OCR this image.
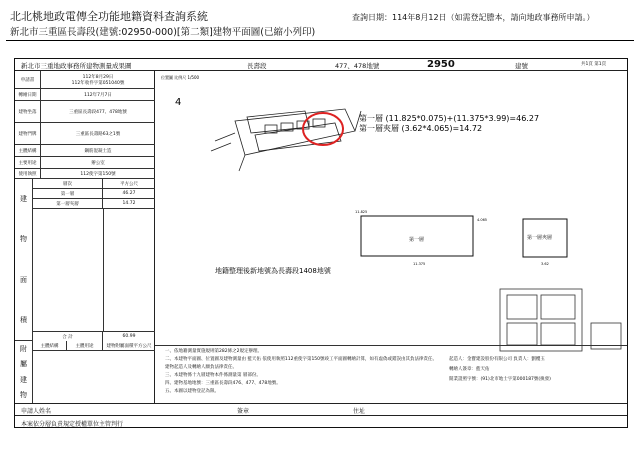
北北桃地政電傳全功能地籍資料查詢系統
新北市三重區長壽段(建號:02950-000)[第二類]建物平面圖(已縮小列印)
查詢日期：114年8月12日（如需登記謄本，請向地政事務所申請。）
新北市三重地政事務所建物測量成果圖	長壽段	477、478地號	2950	建號	共1頁 第1頁
申請書
112年8月29日
112年收件字第051040號
轉繪日期	112年7月7日
建物坐落	三重區長壽段477、478地號
建物門牌	三重區長壽路63之1號
主體結構	鋼筋混凝土造
主要用途	辦公室
使用執照	112使字第150號
建
物
面
積
層次	平方公尺
第一層	46.27
第一層夾層	14.72
合 計	60.99
附
屬
建
物
主體結構	主體用途	建物附屬面積平方公尺
位置圖 比例尺 1/500
4
第一層 (11.825*0.075)+(11.375*3.99)=46.27
第一層夾層 (3.62*4.065)=14.72
11.825
第一層
11.375
4.065
第一層夾層
3.62
地籍整理後新地號為長壽段1408地號
一、依地籍測量實施規則第282條之2規定辦理。
二、本建物平面圖、位置圖及建物測量由 藍天佑 依使用執照112重使字第150號竣工平面圖轉繪計算，如有虛偽或錯誤由其負法律責任。
建物起造人及轉繪人願負法律責任。
三、本建物係十九層建物本件係測量第 層部份。
四、建物基地地號：三重區長壽段476、477、478地號。
五、本圖以建物登記為限。
起造人：金寶建設股份有限公司 負責人：劉櫻玉
轉繪人簽章：藍天佑
開業證照字號：(91)北市地士字第000187號(換發)
申請人姓名	簽章	住址
本案依分層負責規定授權單位主管判行
